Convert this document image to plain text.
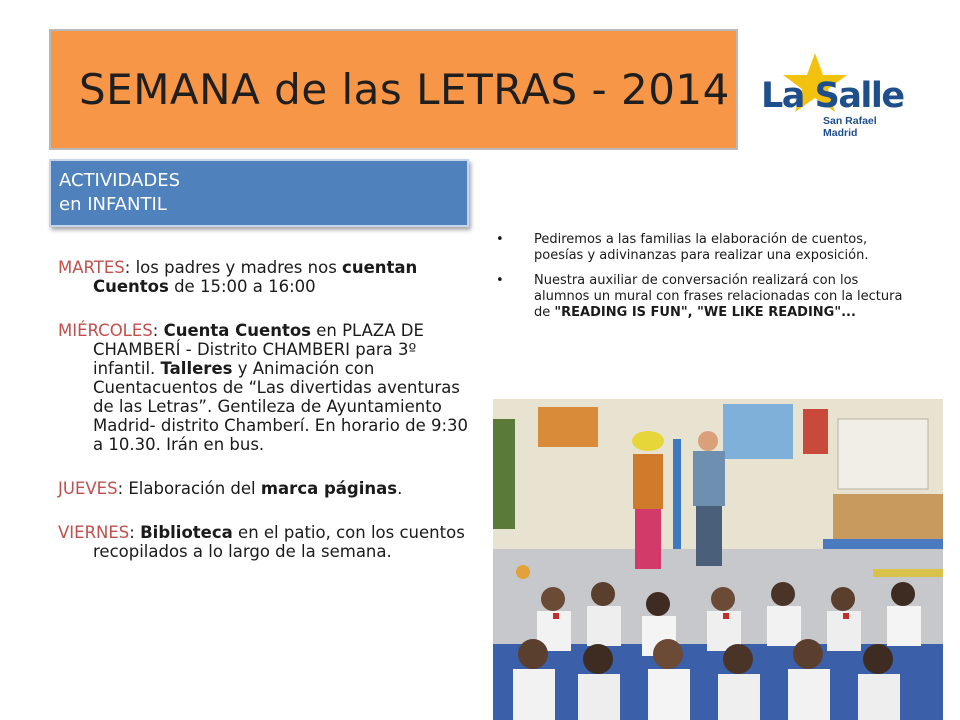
SEMANA de las LETRAS - 2014 La Salle
San Rafael
Madrid
ACTIVIDADES
en INFANTIL

MARTES: los padres y madres nos cuentan Cuentos de 15:00 a 16:00

MIÉRCOLES: Cuenta Cuentos en PLAZA DE CHAMBERÍ - Distrito CHAMBERI para 3º infantil. Talleres y Animación con Cuentacuentos de “Las divertidas aventuras de las Letras”. Gentileza de Ayuntamiento Madrid- distrito Chamberí. En horario de 9:30 a 10.30. Irán en bus.

JUEVES: Elaboración del marca páginas.

VIERNES: Biblioteca en el patio, con los cuentos recopilados a lo largo de la semana.

• Pediremos a las familias la elaboración de cuentos, poesías y adivinanzas para realizar una exposición.
• Nuestra auxiliar de conversación realizará con los alumnos un mural con frases relacionadas con la lectura de "READING IS FUN", "WE LIKE READING"...
